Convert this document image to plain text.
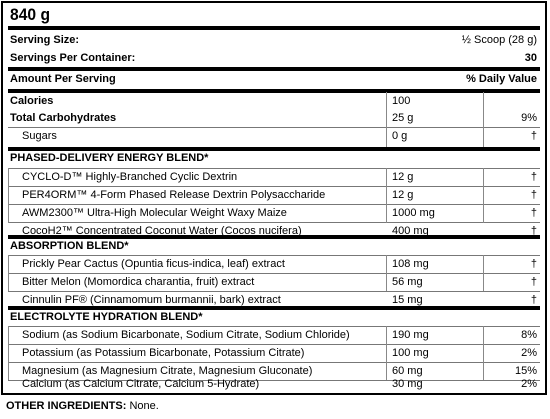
840 g
Serving Size:	½ Scoop (28 g)
Servings Per Container:	30
Amount Per Serving	% Daily Value
Calories	100
Total Carbohydrates	25 g	9%
Sugars	0 g	†
PHASED-DELIVERY ENERGY BLEND*
CYCLO-D™ Highly-Branched Cyclic Dextrin	12 g	†
PER4ORM™ 4-Form Phased Release Dextrin Polysaccharide	12 g	†
AWM2300™ Ultra-High Molecular Weight Waxy Maize	1000 mg	†
CocoH2™ Concentrated Coconut Water (Cocos nucifera)	400 mg	†
ABSORPTION BLEND*
Prickly Pear Cactus (Opuntia ficus-indica, leaf) extract	108 mg	†
Bitter Melon (Momordica charantia, fruit) extract	56 mg	†
Cinnulin PF® (Cinnamomum burmannii, bark) extract	15 mg	†
ELECTROLYTE HYDRATION BLEND*
Sodium (as Sodium Bicarbonate, Sodium Citrate, Sodium Chloride)	190 mg	8%
Potassium (as Potassium Bicarbonate, Potassium Citrate)	100 mg	2%
Magnesium (as Magnesium Citrate, Magnesium Gluconate)	60 mg	15%
Calcium (as Calcium Citrate, Calcium 5-Hydrate)	30 mg	2%
OTHER INGREDIENTS: None.
